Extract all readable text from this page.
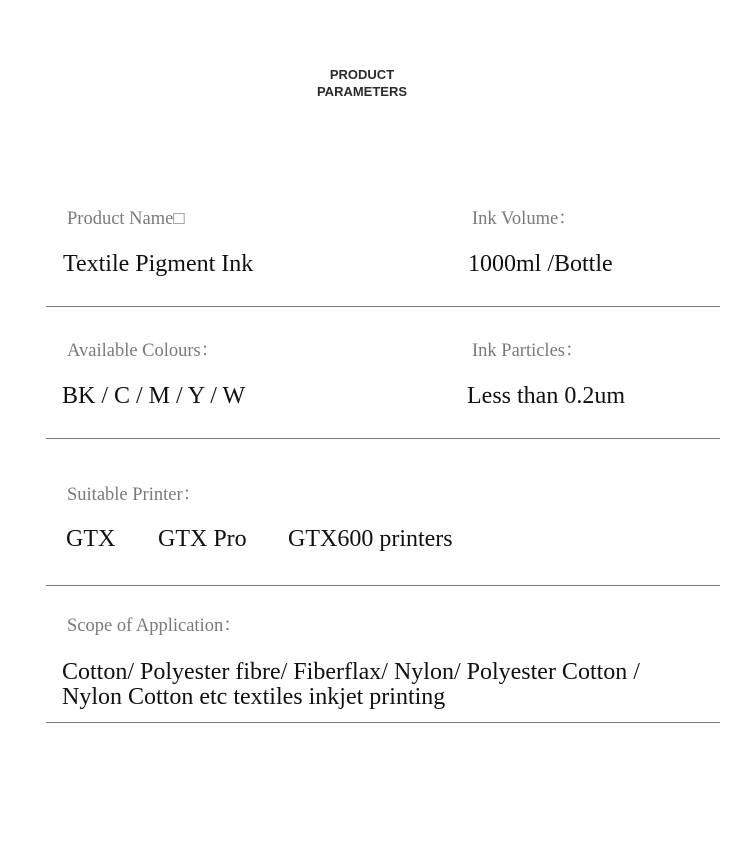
PRODUCT
PARAMETERS
Product Name□
Textile Pigment Ink
Ink Volume：
1000ml /Bottle
Available Colours：
BK / C / M / Y / W
Ink Particles：
Less than 0.2um
Suitable Printer：
GTX GTX Pro GTX600 printers
Scope of Application：
Cotton/ Polyester fibre/ Fiberflax/ Nylon/ Polyester Cotton /
Nylon Cotton etc textiles inkjet printing
